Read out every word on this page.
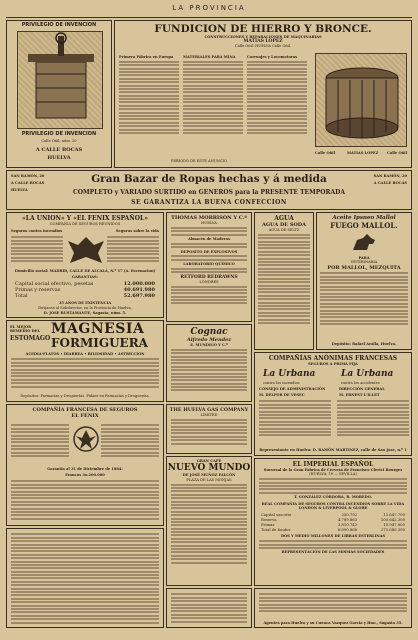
LA PROVINCIA
PRIVILEGIO DE INVENCION
PRIVILEGIO DE INVENCION
Calle Oñil, núm. 20
A CALLE BOCAS
HUELVA
FUNDICION DE HIERRO Y BRONCE.
CONSTRUCCIONES Y REPARACIONES DE MAQUINARIAS
MATIAS LOPEZ
Calle Oñil. HUELVA Calle Oñil.
Primera Fábrica en Europa	MATERIALES PARA MINA	Carruajes y Locomotoras
Calle Oñil	MATIAS LOPEZ Calle Oñil
PERIODO DE ESTE ANUNCIO
SAN RAMÓN, 20
A CALLE BOCAS
HUELVA
Gran Bazar de Ropas hechas y á medida	SAN RAMÓN, 20
A CALLE BOCAS
COMPLETO y VARIADO SURTIDO en GENEROS para la PRESENTE TEMPORADA
SE GARANTIZA LA BUENA CONFECCION
«LA UNION» Y «EL FENIX ESPAÑOL»
COMPAÑIA DE SEGUROS REUNIDOS
Seguros contra incendios	Seguros sobre la vida
Domicilio social: MADRID, CALLE DE ALCALÁ, N.º 17 (A. Escenacion)
GARANTIAS:
Capital social efectivo, pesetas	12.000.000
Primas y reservas	40.691.980
Total	52.697.980
35 AÑOS DE EXISTENCIA
Diríjanse al Subdirector, en la Provincia de Huelva,
D. JOSE BUSTAMANTE, Sagasta, núm. 5.
THOMAS MORRISON Y C.ª
HUELVA
Almacén de Maderas
DEPOSITO DE EXPLOSIVOS
LABORATORIO QUÍMICO
RETFORD REDRAWNS
LONDRES
AGUA
AGUA DE SODA
AGUA DE SELTZ
Aceite Ipsneo Mallol
FUEGO MALLOL.
PARA
VETERINARIA
POR MALLOL, MEZQUITA
Depósito: Rafael Aralla, Huelva.
EL MEJOR REMEDIO DEL
ESTOMAGO
MAGNESIA
FORMIGUERA
ACEDIA-FLATOS • DIARREA • BILIOSIDAD • ASTRICCION
Depósitos: Farmacias y Droguerías. Pídase en Farmacias y Droguerías.
Cognac
Alfredo Mendez
E. MUNDIGO Y C.ª
COMPAÑÍAS ANÓNIMAS FRANCESAS
SEGUROS A PRIMA FIJA
La Urbana	La Urbana
contra los incendios	contra los accidentes
CONSEJO DE ADMINISTRACIÓN	DIRECCIÓN GENERAL
M. DELFOR DE VESEC	M. ERNEST L'ILLET
Representante en Huelva: D. RAMÓN MARTINEZ, calle de San Jose, n.º 1
COMPAÑÍA FRANCESA DE SEGUROS
EL FÉNIX
Garantía al 31 de Diciembre de 1884:
Francos 3o.200.000
THE HUELVA GAS COMPANY
LIMITED
GRAN CAFÉ
NUEVO MUNDO
DE JOSÉ MUÑOZ FALCÓN
PLAZA DE LAS MONJAS
EL IMPERIAL ESPAÑOL
Sucursal de la Gran Fabrica de Cerveza de Francisco Clerici Bourges
(HUELVA, 19 — SEVILLA)
T. GONZÁLEZ CÓRDOBA, R. MOREDO.
REAL COMPAÑIA DE SEGUROS CONTRA INCENDIOS SOBRE LA VIDA
LONDON & LIVERPOOL & GLOBE
Capital suscrito	250.792	13.647.700
Reserva	4.789.863	100.642.300
Primas	3.810.743	10.947.800
Total de fondos	8.890.868	275.680.300
DOS Y MEDIO MILLONES DE LIBRAS ESTERLINAS
REPRESENTACIÓN DE LAS MISMAS SOCIEDADES
Agentes para Huelva y su Cuenca Vazquez Garcia y Hno., Sagasta 35.
